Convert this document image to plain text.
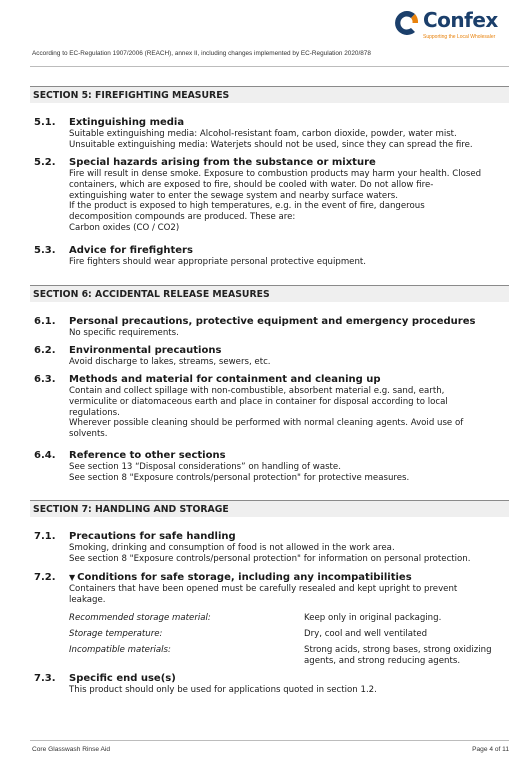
Confex
Supporting the Local Wholesaler
According to EC-Regulation 1907/2006 (REACH), annex II, including changes implemented by EC-Regulation 2020/878
SECTION 5: FIREFIGHTING MEASURES
5.1. Extinguishing media

Suitable extinguishing media: Alcohol-resistant foam, carbon dioxide, powder, water mist.

Unsuitable extinguishing media: Waterjets should not be used, since they can spread the fire.

5.2. Special hazards arising from the substance or mixture

Fire will result in dense smoke. Exposure to combustion products may harm your health. Closed

containers, which are exposed to fire, should be cooled with water. Do not allow fire-

extinguishing water to enter the sewage system and nearby surface waters.

If the product is exposed to high temperatures, e.g. in the event of fire, dangerous

decomposition compounds are produced. These are:

Carbon oxides (CO / CO2)

5.3. Advice for firefighters

Fire fighters should wear appropriate personal protective equipment.

SECTION 6: ACCIDENTAL RELEASE MEASURES
6.1. Personal precautions, protective equipment and emergency procedures

No specific requirements.

6.2. Environmental precautions

Avoid discharge to lakes, streams, sewers, etc.

6.3. Methods and material for containment and cleaning up

Contain and collect spillage with non-combustible, absorbent material e.g. sand, earth,

vermiculite or diatomaceous earth and place in container for disposal according to local

regulations.

Wherever possible cleaning should be performed with normal cleaning agents. Avoid use of

solvents.

6.4. Reference to other sections

See section 13 “Disposal considerations” on handling of waste.

See section 8 "Exposure controls/personal protection" for protective measures.

SECTION 7: HANDLING AND STORAGE
7.1. Precautions for safe handling

Smoking, drinking and consumption of food is not allowed in the work area.

See section 8 "Exposure controls/personal protection" for information on personal protection.

7.2. ▼ Conditions for safe storage, including any incompatibilities

Containers that have been opened must be carefully resealed and kept upright to prevent

leakage.

Recommended storage material:	Keep only in original packaging.
Storage temperature:	Dry, cool and well ventilated
Incompatible materials:	Strong acids, strong bases, strong oxidizing
agents, and strong reducing agents.
7.3. Specific end use(s)

This product should only be used for applications quoted in section 1.2.

Core Glasswash Rinse Aid	Page 4 of 11
